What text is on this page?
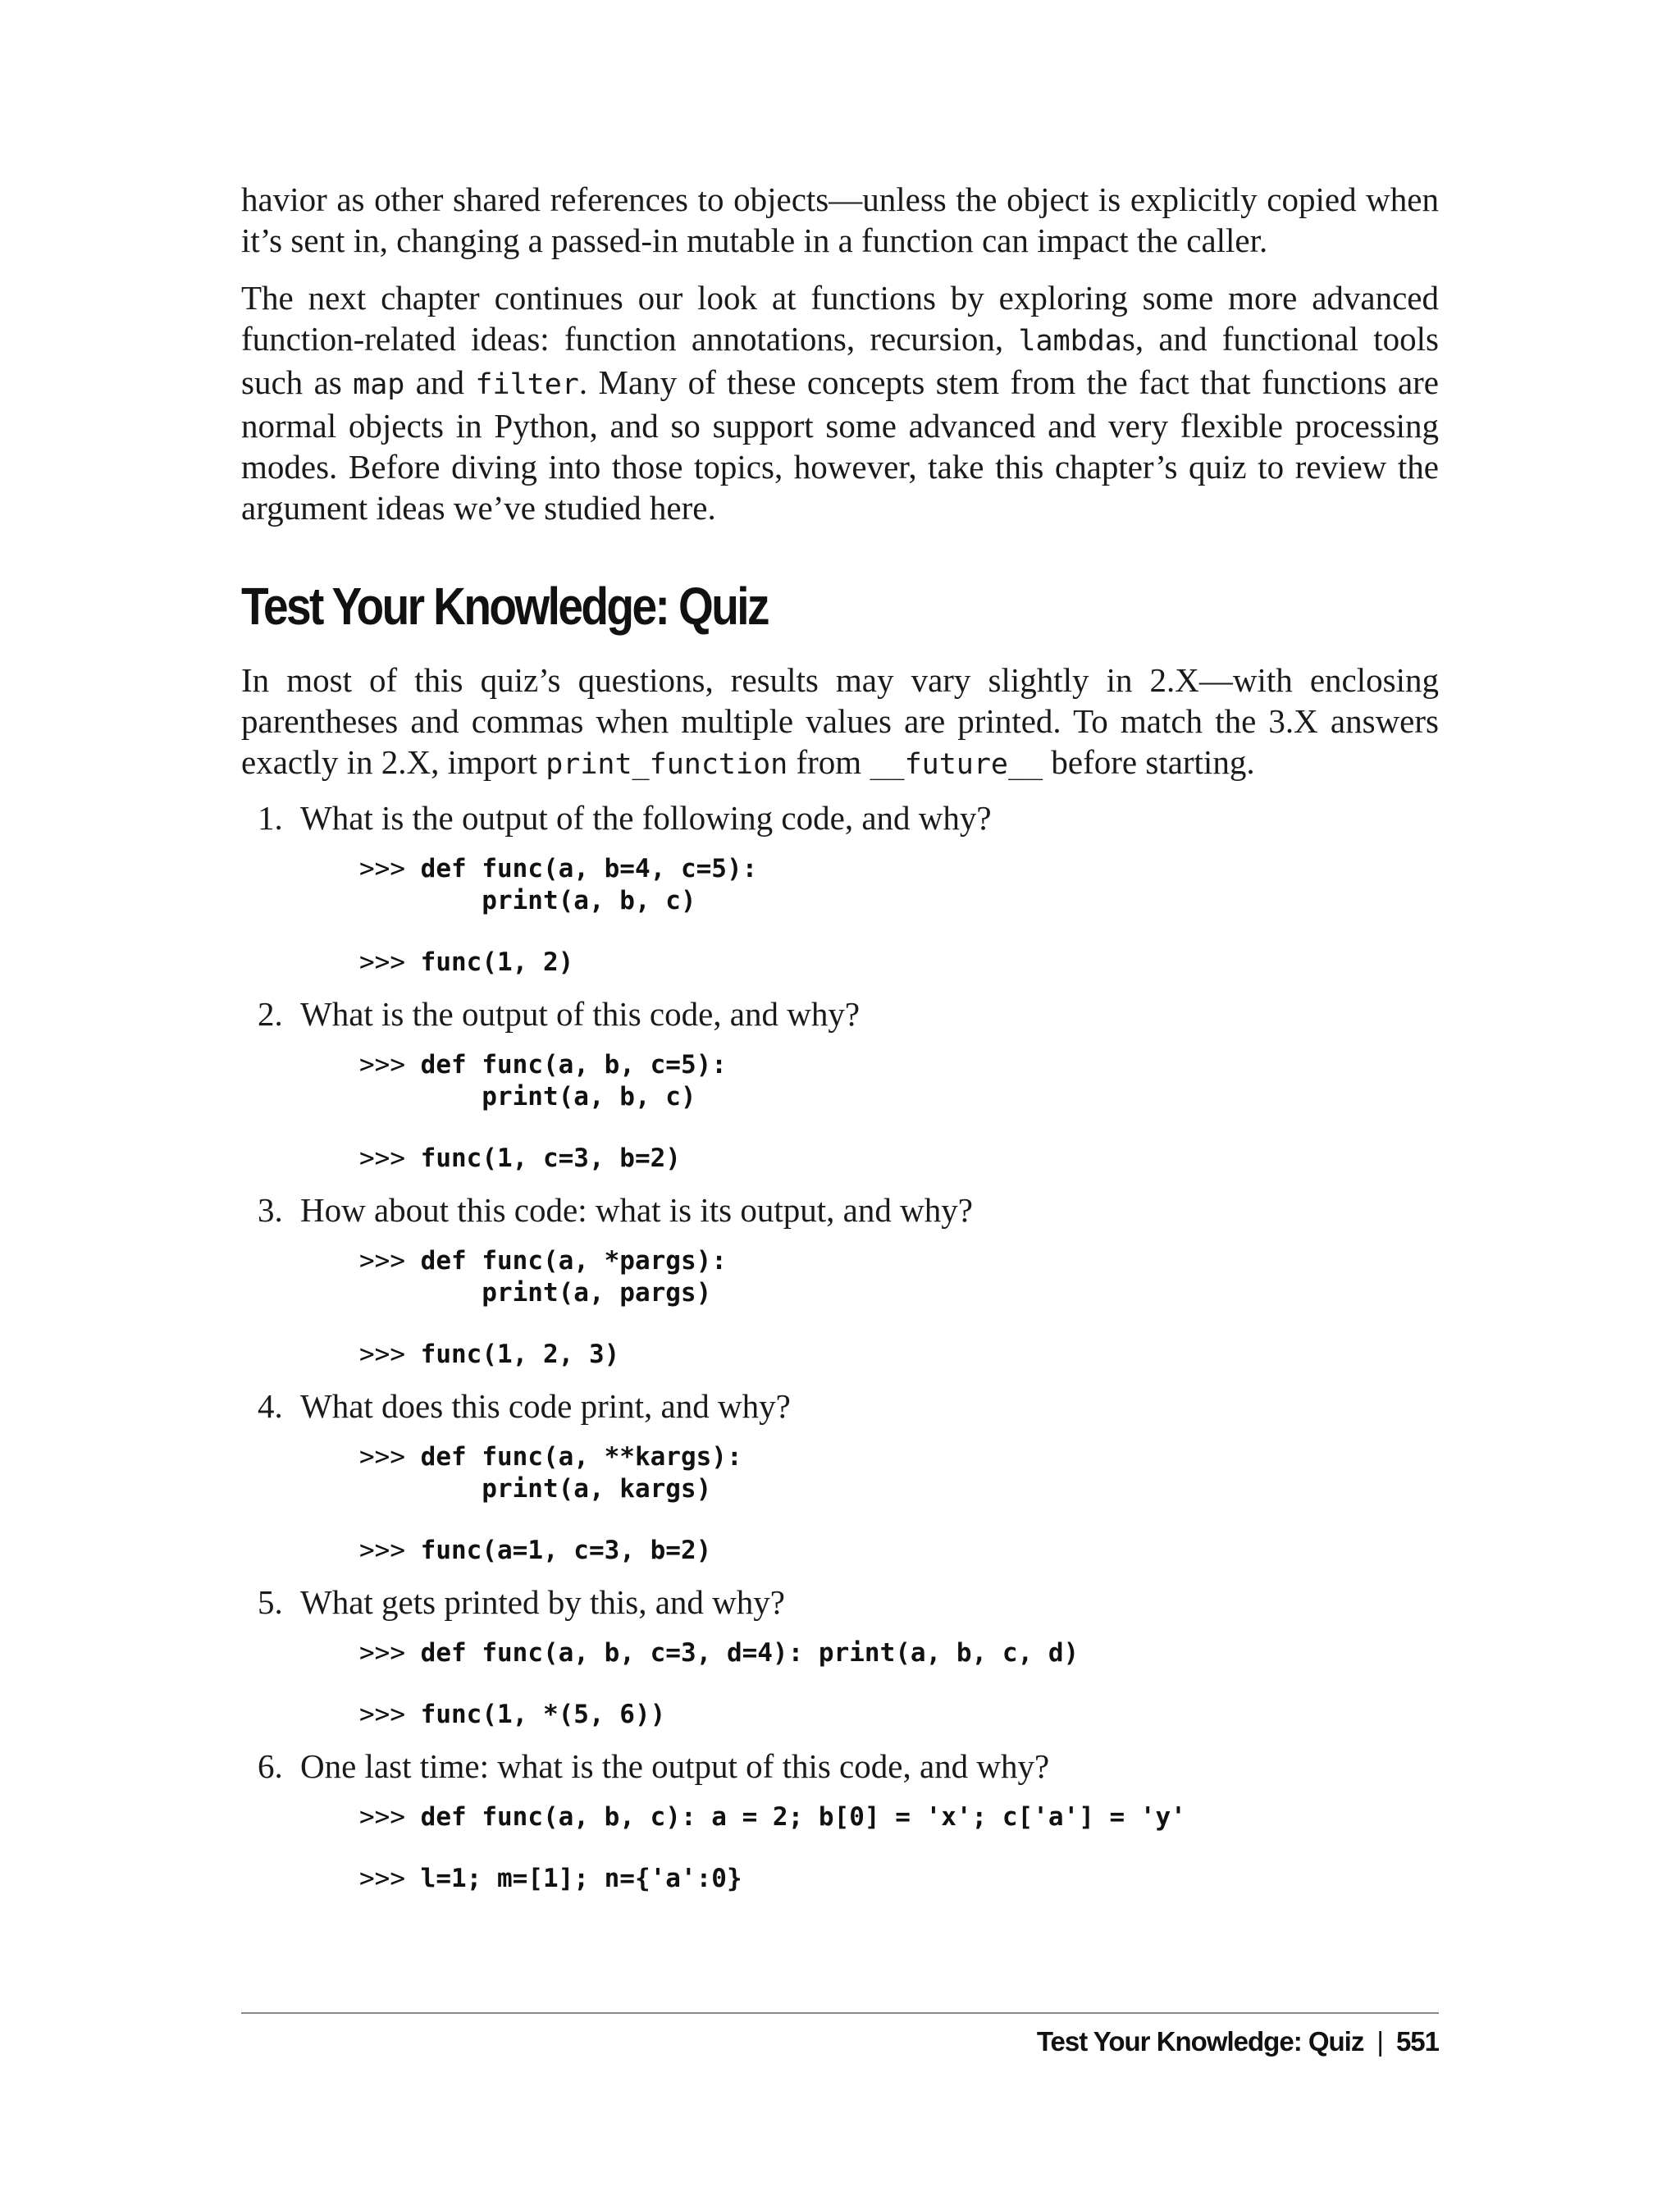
havior as other shared references to objects—unless the object is explicitly copied when it’s sent in, changing a passed-in mutable in a function can impact the caller.

The next chapter continues our look at functions by exploring some more advanced function-related ideas: function annotations, recursion, lambdas, and functional tools such as map and filter. Many of these concepts stem from the fact that functions are normal objects in Python, and so support some advanced and very flexible processing modes. Before diving into those topics, however, take this chapter’s quiz to review the argument ideas we’ve studied here.

Test Your Knowledge: Quiz

In most of this quiz’s questions, results may vary slightly in 2.X—with enclosing parentheses and commas when multiple values are printed. To match the 3.X answers exactly in 2.X, import print_function from __future__ before starting.

1. What is the output of the following code, and why?
>>> def func(a, b=4, c=5):
print(a, b, c)
>>> func(1, 2)
2. What is the output of this code, and why?
>>> def func(a, b, c=5):
print(a, b, c)
>>> func(1, c=3, b=2)
3. How about this code: what is its output, and why?
>>> def func(a, *pargs):
print(a, pargs)
>>> func(1, 2, 3)
4. What does this code print, and why?
>>> def func(a, **kargs):
print(a, kargs)
>>> func(a=1, c=3, b=2)
5. What gets printed by this, and why?
>>> def func(a, b, c=3, d=4): print(a, b, c, d)
>>> func(1, *(5, 6))
6. One last time: what is the output of this code, and why?
>>> def func(a, b, c): a = 2; b[0] = 'x'; c['a'] = 'y'
>>> l=1; m=[1]; n={'a':0}
Test Your Knowledge: Quiz | 551
